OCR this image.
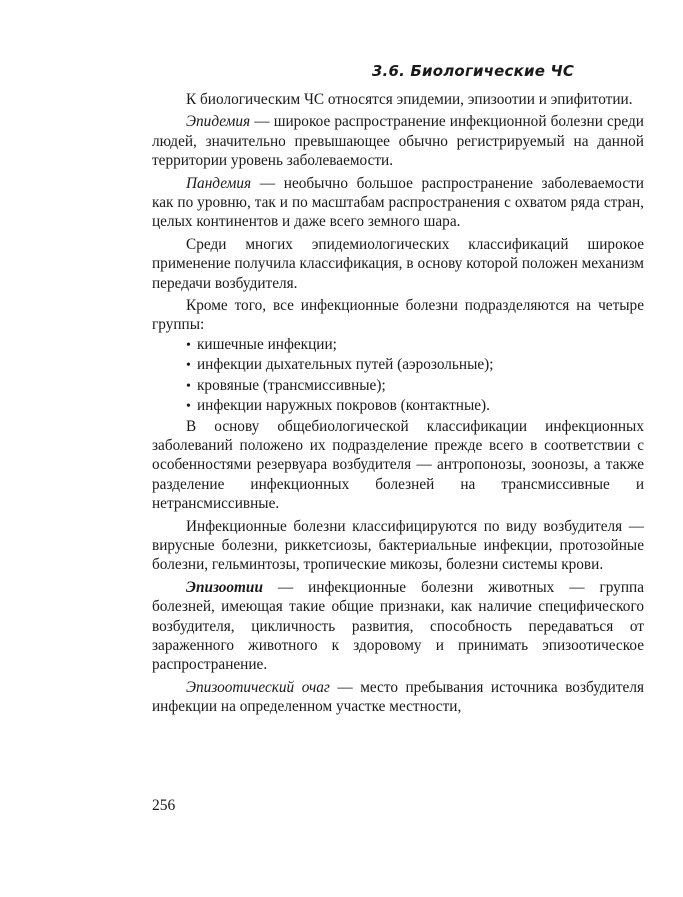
3.6. Биологические ЧС

К биологическим ЧС относятся эпидемии, эпизоотии и эпифитотии.

Эпидемия — широкое распространение инфекционной болезни среди людей, значительно превышающее обычно регистрируемый на данной территории уровень заболеваемости.

Пандемия — необычно большое распространение заболеваемости как по уровню, так и по масштабам распространения с охватом ряда стран, целых континентов и даже всего земного шара.

Среди многих эпидемиологических классификаций широкое применение получила классификация, в основу которой положен механизм передачи возбудителя.

Кроме того, все инфекционные болезни подразделяются на четыре группы:

• кишечные инфекции;
• инфекции дыхательных путей (аэрозольные);
• кровяные (трансмиссивные);
• инфекции наружных покровов (контактные).

В основу общебиологической классификации инфекционных заболеваний положено их подразделение прежде всего в соответствии с особенностями резервуара возбудителя — антропонозы, зоонозы, а также разделение инфекционных болезней на трансмиссивные и нетрансмиссивные.

Инфекционные болезни классифицируются по виду возбудителя — вирусные болезни, риккетсиозы, бактериальные инфекции, протозойные болезни, гельминтозы, тропические микозы, болезни системы крови.

Эпизоотии — инфекционные болезни животных — группа болезней, имеющая такие общие признаки, как наличие специфического возбудителя, цикличность развития, способность передаваться от зараженного животного к здоровому и принимать эпизоотическое распространение.

Эпизоотический очаг — место пребывания источника возбудителя инфекции на определенном участке местности,

256
